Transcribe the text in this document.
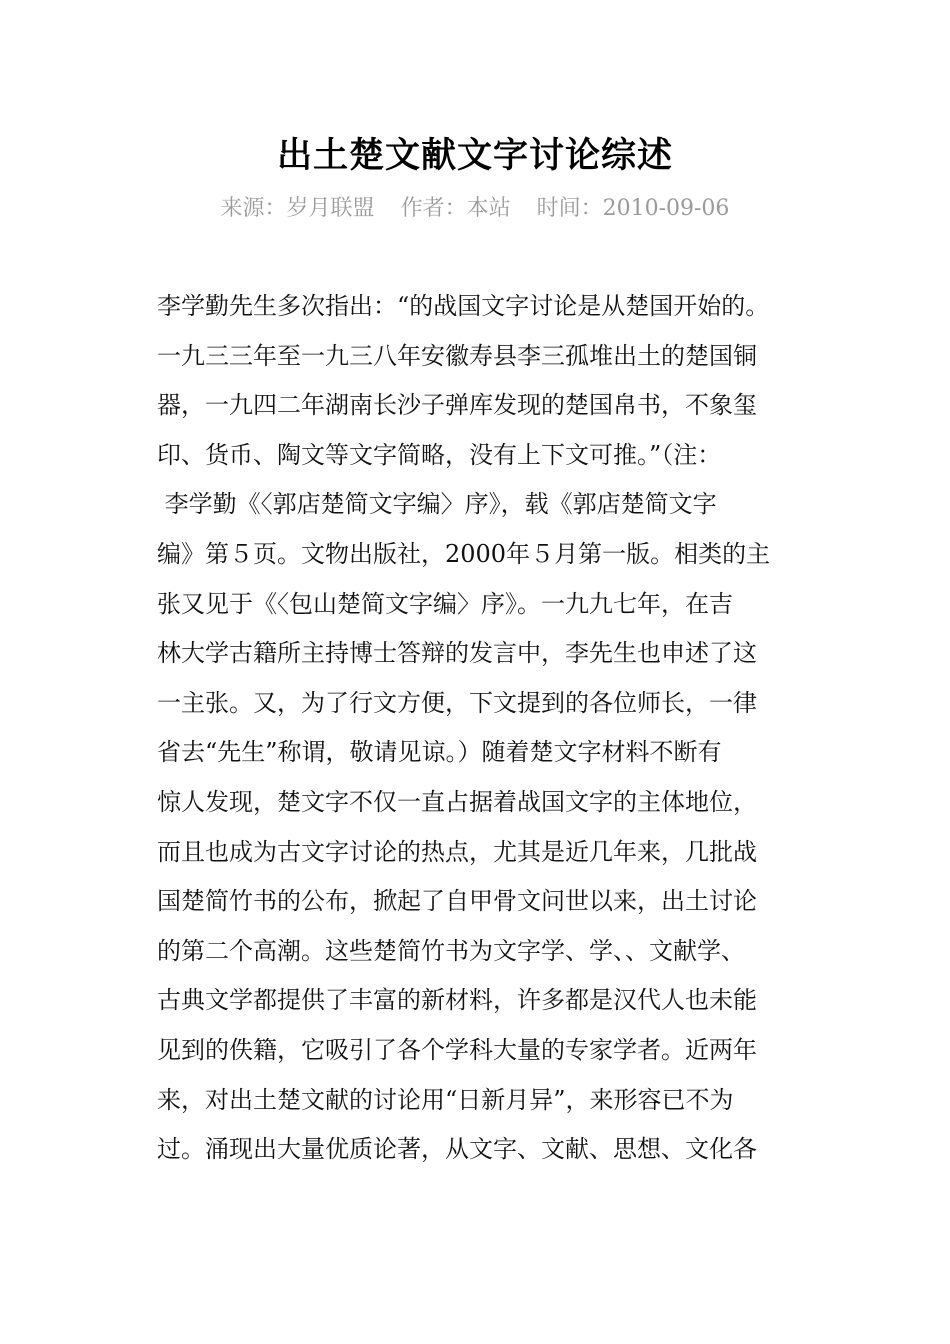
出土楚文献文字讨论综述
来源：岁月联盟 作者：本站 时间：2010-09-06
李学勤先生多次指出：“的战国文字讨论是从楚国开始的。
一九三三年至一九三八年安徽寿县李三孤堆出土的楚国铜
器，一九四二年湖南长沙子弹库发现的楚国帛书，不象玺
印、货币、陶文等文字简略，没有上下文可推。”（注：
李学勤《〈郭店楚简文字编〉序》，载《郭店楚简文字
编》第５页。文物出版社，2000年５月第一版。相类的主
张又见于《〈包山楚简文字编〉序》。一九九七年，在吉
林大学古籍所主持博士答辩的发言中，李先生也申述了这
一主张。又，为了行文方便，下文提到的各位师长，一律
省去“先生”称谓，敬请见谅。）随着楚文字材料不断有
惊人发现，楚文字不仅一直占据着战国文字的主体地位，
而且也成为古文字讨论的热点，尤其是近几年来，几批战
国楚简竹书的公布，掀起了自甲骨文问世以来，出土讨论
的第二个高潮。这些楚简竹书为文字学、学、、文献学、
古典文学都提供了丰富的新材料，许多都是汉代人也未能
见到的佚籍，它吸引了各个学科大量的专家学者。近两年
来，对出土楚文献的讨论用“日新月异”，来形容已不为
过。涌现出大量优质论著，从文字、文献、思想、文化各
